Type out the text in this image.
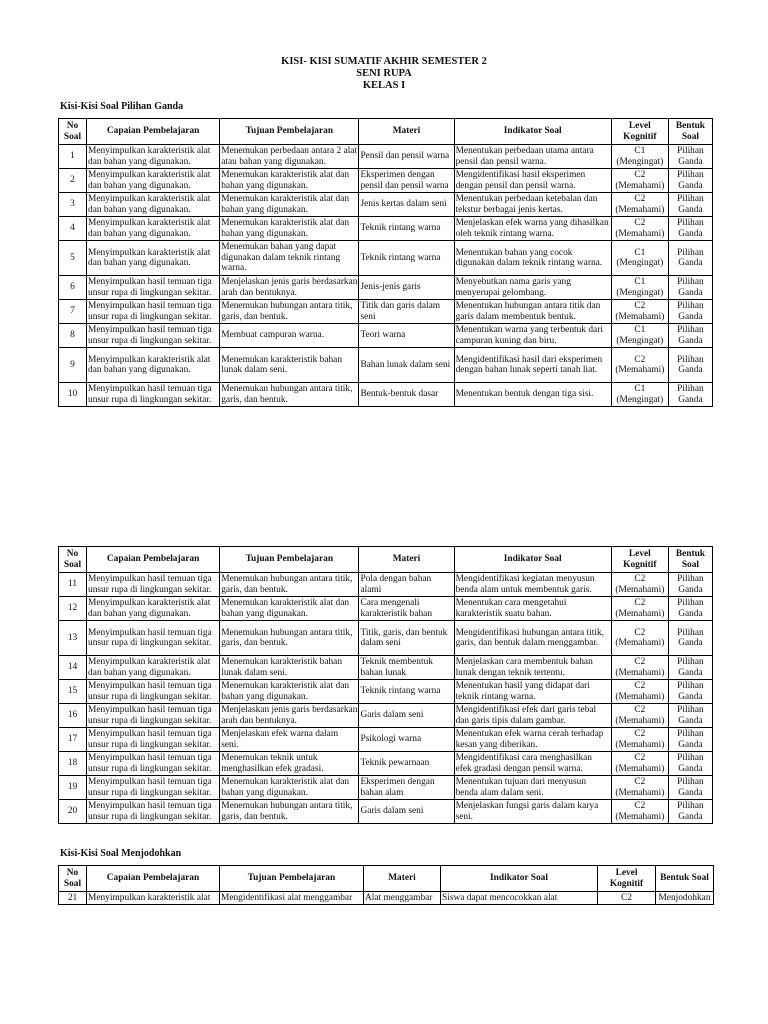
KISI- KISI SUMATIF AKHIR SEMESTER 2
SENI RUPA
KELAS I
Kisi-Kisi Soal Pilihan Ganda
No Soal	Capaian Pembelajaran	Tujuan Pembelajaran	Materi	Indikator Soal	Level Kognitif	Bentuk Soal
1	Menyimpulkan karakteristik alat dan bahan yang digunakan.	Menemukan perbedaan antara 2 alat atau bahan yang digunakan.	Pensil dan pensil warna	Menentukan perbedaan utama antara pensil dan pensil warna.	C1 (Mengingat)	Pilihan Ganda
2	Menyimpulkan karakteristik alat dan bahan yang digunakan.	Menemukan karakteristik alat dan bahan yang digunakan.	Eksperimen dengan pensil dan pensil warna	Mengidentifikasi hasil eksperimen dengan pensil dan pensil warna.	C2 (Memahami)	Pilihan Ganda
3	Menyimpulkan karakteristik alat dan bahan yang digunakan.	Menemukan karakteristik alat dan bahan yang digunakan.	Jenis kertas dalam seni	Menentukan perbedaan ketebalan dan tekstur berbagai jenis kertas.	C2 (Memahami)	Pilihan Ganda
4	Menyimpulkan karakteristik alat dan bahan yang digunakan.	Menemukan karakteristik alat dan bahan yang digunakan.	Teknik rintang warna	Menjelaskan efek warna yang dihasilkan oleh teknik rintang warna.	C2 (Memahami)	Pilihan Ganda
5	Menyimpulkan karakteristik alat dan bahan yang digunakan.	Menemukan bahan yang dapat digunakan dalam teknik rintang warna.	Teknik rintang warna	Menentukan bahan yang cocok digunakan dalam teknik rintang warna.	C1 (Mengingat)	Pilihan Ganda
6	Menyimpulkan hasil temuan tiga unsur rupa di lingkungan sekitar.	Menjelaskan jenis garis berdasarkan arah dan bentuknya.	Jenis-jenis garis	Menyebutkan nama garis yang menyerupai gelombang.	C1 (Mengingat)	Pilihan Ganda
7	Menyimpulkan hasil temuan tiga unsur rupa di lingkungan sekitar.	Menemukan hubungan antara titik, garis, dan bentuk.	Titik dan garis dalam seni	Menentukan hubungan antara titik dan garis dalam membentuk bentuk.	C2 (Memahami)	Pilihan Ganda
8	Menyimpulkan hasil temuan tiga unsur rupa di lingkungan sekitar.	Membuat campuran warna.	Teori warna	Menentukan warna yang terbentuk dari campuran kuning dan biru.	C1 (Mengingat)	Pilihan Ganda
9	Menyimpulkan karakteristik alat dan bahan yang digunakan.	Menemukan karakteristik bahan lunak dalam seni.	Bahan lunak dalam seni	Mengidentifikasi hasil dari eksperimen dengan bahan lunak seperti tanah liat.	C2 (Memahami)	Pilihan Ganda
10	Menyimpulkan hasil temuan tiga unsur rupa di lingkungan sekitar.	Menemukan hubungan antara titik, garis, dan bentuk.	Bentuk-bentuk dasar	Menentukan bentuk dengan tiga sisi.	C1 (Mengingat)	Pilihan Ganda
No Soal	Capaian Pembelajaran	Tujuan Pembelajaran	Materi	Indikator Soal	Level Kognitif	Bentuk Soal
11	Menyimpulkan hasil temuan tiga unsur rupa di lingkungan sekitar.	Menemukan hubungan antara titik, garis, dan bentuk.	Pola dengan bahan alami	Mengidentifikasi kegiatan menyusun benda alam untuk membentuk garis.	C2 (Memahami)	Pilihan Ganda
12	Menyimpulkan karakteristik alat dan bahan yang digunakan.	Menemukan karakteristik alat dan bahan yang digunakan.	Cara mengenali karakteristik bahan	Menentukan cara mengetahui karakteristik suatu bahan.	C2 (Memahami)	Pilihan Ganda
13	Menyimpulkan hasil temuan tiga unsur rupa di lingkungan sekitar.	Menemukan hubungan antara titik, garis, dan bentuk.	Titik, garis, dan bentuk dalam seni	Mengidentifikasi hubungan antara titik, garis, dan bentuk dalam menggambar.	C2 (Memahami)	Pilihan Ganda
14	Menyimpulkan karakteristik alat dan bahan yang digunakan.	Menemukan karakteristik bahan lunak dalam seni.	Teknik membentuk bahan lunak	Menjelaskan cara membentuk bahan lunak dengan teknik tertentu.	C2 (Memahami)	Pilihan Ganda
15	Menyimpulkan hasil temuan tiga unsur rupa di lingkungan sekitar.	Menemukan karakteristik alat dan bahan yang digunakan.	Teknik rintang warna	Menentukan hasil yang didapat dari teknik rintang warna.	C2 (Memahami)	Pilihan Ganda
16	Menyimpulkan hasil temuan tiga unsur rupa di lingkungan sekitar.	Menjelaskan jenis garis berdasarkan arah dan bentuknya.	Garis dalam seni	Mengidentifikasi efek dari garis tebal dan garis tipis dalam gambar.	C2 (Memahami)	Pilihan Ganda
17	Menyimpulkan hasil temuan tiga unsur rupa di lingkungan sekitar.	Menjelaskan efek warna dalam seni.	Psikologi warna	Menentukan efek warna cerah terhadap kesan yang diberikan.	C2 (Memahami)	Pilihan Ganda
18	Menyimpulkan hasil temuan tiga unsur rupa di lingkungan sekitar.	Menemukan teknik untuk menghasilkan efek gradasi.	Teknik pewarnaan	Mengidentifikasi cara menghasilkan efek gradasi dengan pensil warna.	C2 (Memahami)	Pilihan Ganda
19	Menyimpulkan hasil temuan tiga unsur rupa di lingkungan sekitar.	Menemukan karakteristik alat dan bahan yang digunakan.	Eksperimen dengan bahan alam	Menentukan tujuan dari menyusun benda alam dalam seni.	C2 (Memahami)	Pilihan Ganda
20	Menyimpulkan hasil temuan tiga unsur rupa di lingkungan sekitar.	Menemukan hubungan antara titik, garis, dan bentuk.	Garis dalam seni	Menjelaskan fungsi garis dalam karya seni.	C2 (Memahami)	Pilihan Ganda
Kisi-Kisi Soal Menjodohkan
No Soal	Capaian Pembelajaran	Tujuan Pembelajaran	Materi	Indikator Soal	Level Kognitif	Bentuk Soal
21	Menyimpulkan karakteristik alat	Mengidentifikasi alat menggambar	Alat menggambar	Siswa dapat mencocokkan alat	C2	Menjodohkan
